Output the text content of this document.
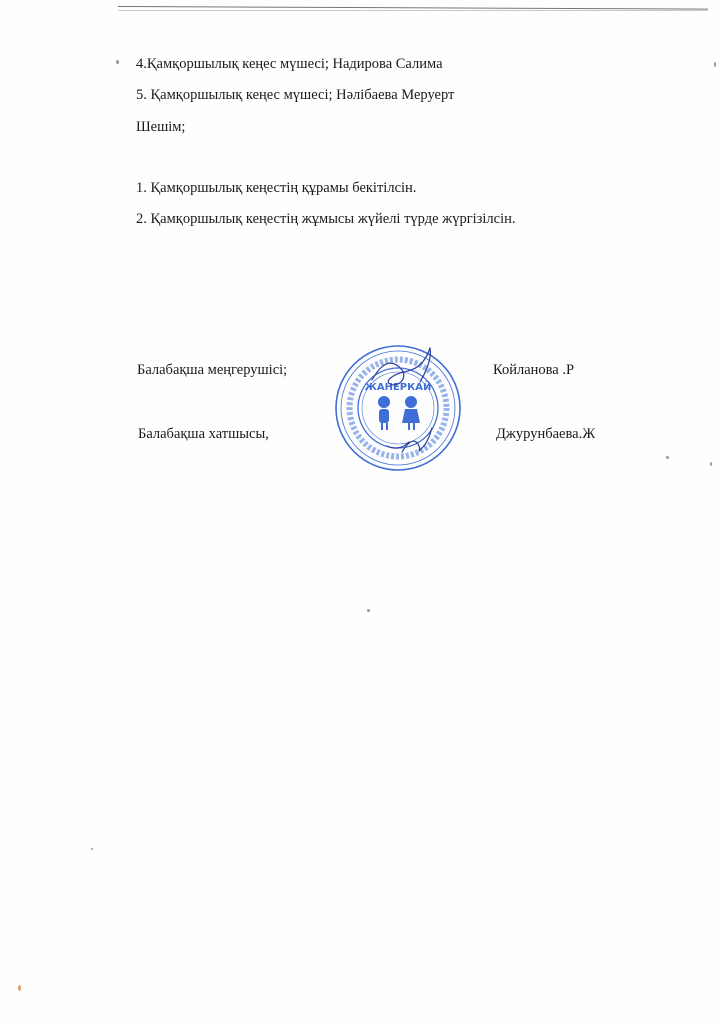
4.Қамқоршылық кеңес мүшесі; Надирова Салима
5. Қамқоршылық кеңес мүшесі; Нәлібаева Меруерт
Шешім;
1. Қамқоршылық кеңестің құрамы бекітілсін.
2. Қамқоршылық кеңестің жұмысы жүйелі түрде жүргізілсін.
Балабақша меңгерушісі;	Койланова .Р
Балабақша хатшысы,	Джурунбаева.Ж
ЖАНЕРКАЙ
